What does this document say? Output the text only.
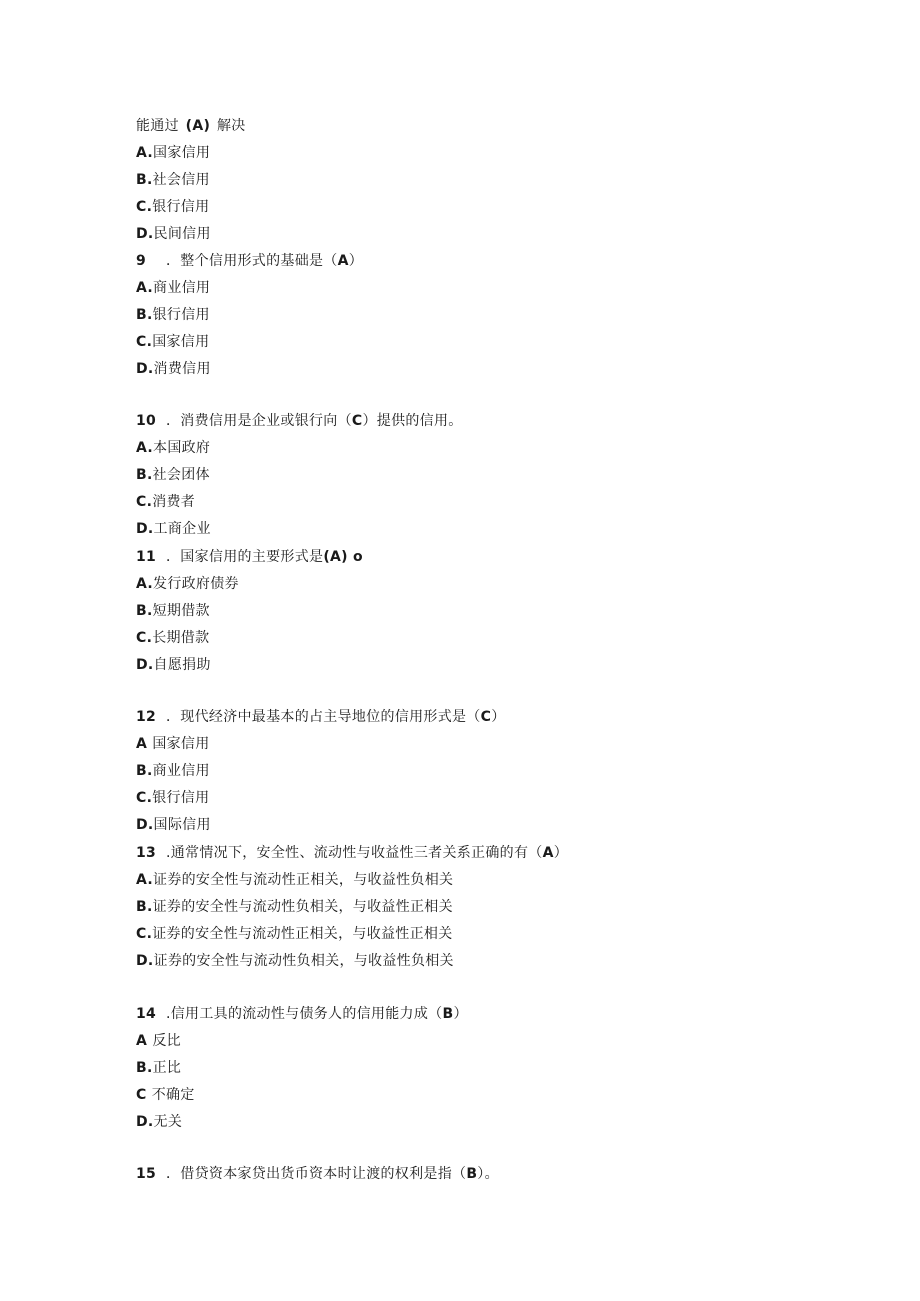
能通过 (A) 解决
A.国家信用
B.社会信用
C.银行信用
D.民间信用
9 ．整个信用形式的基础是（A）
A.商业信用
B.银行信用
C.国家信用
D.消费信用
10 ．消费信用是企业或银行向（C）提供的信用。
A.本国政府
B.社会团体
C.消费者
D.工商企业
11 ．国家信用的主要形式是(A) o
A.发行政府债券
B.短期借款
C.长期借款
D.自愿捐助
12 ．现代经济中最基本的占主导地位的信用形式是（C）
A 国家信用
B.商业信用
C.银行信用
D.国际信用
13 .通常情况下，安全性、流动性与收益性三者关系正确的有（A）
A.证券的安全性与流动性正相关，与收益性负相关
B.证券的安全性与流动性负相关，与收益性正相关
C.证券的安全性与流动性正相关，与收益性正相关
D.证券的安全性与流动性负相关，与收益性负相关
14 .信用工具的流动性与债务人的信用能力成（B）
A 反比
B.正比
C 不确定
D.无关
15 ．借贷资本家贷出货币资本时让渡的权利是指（B）。
